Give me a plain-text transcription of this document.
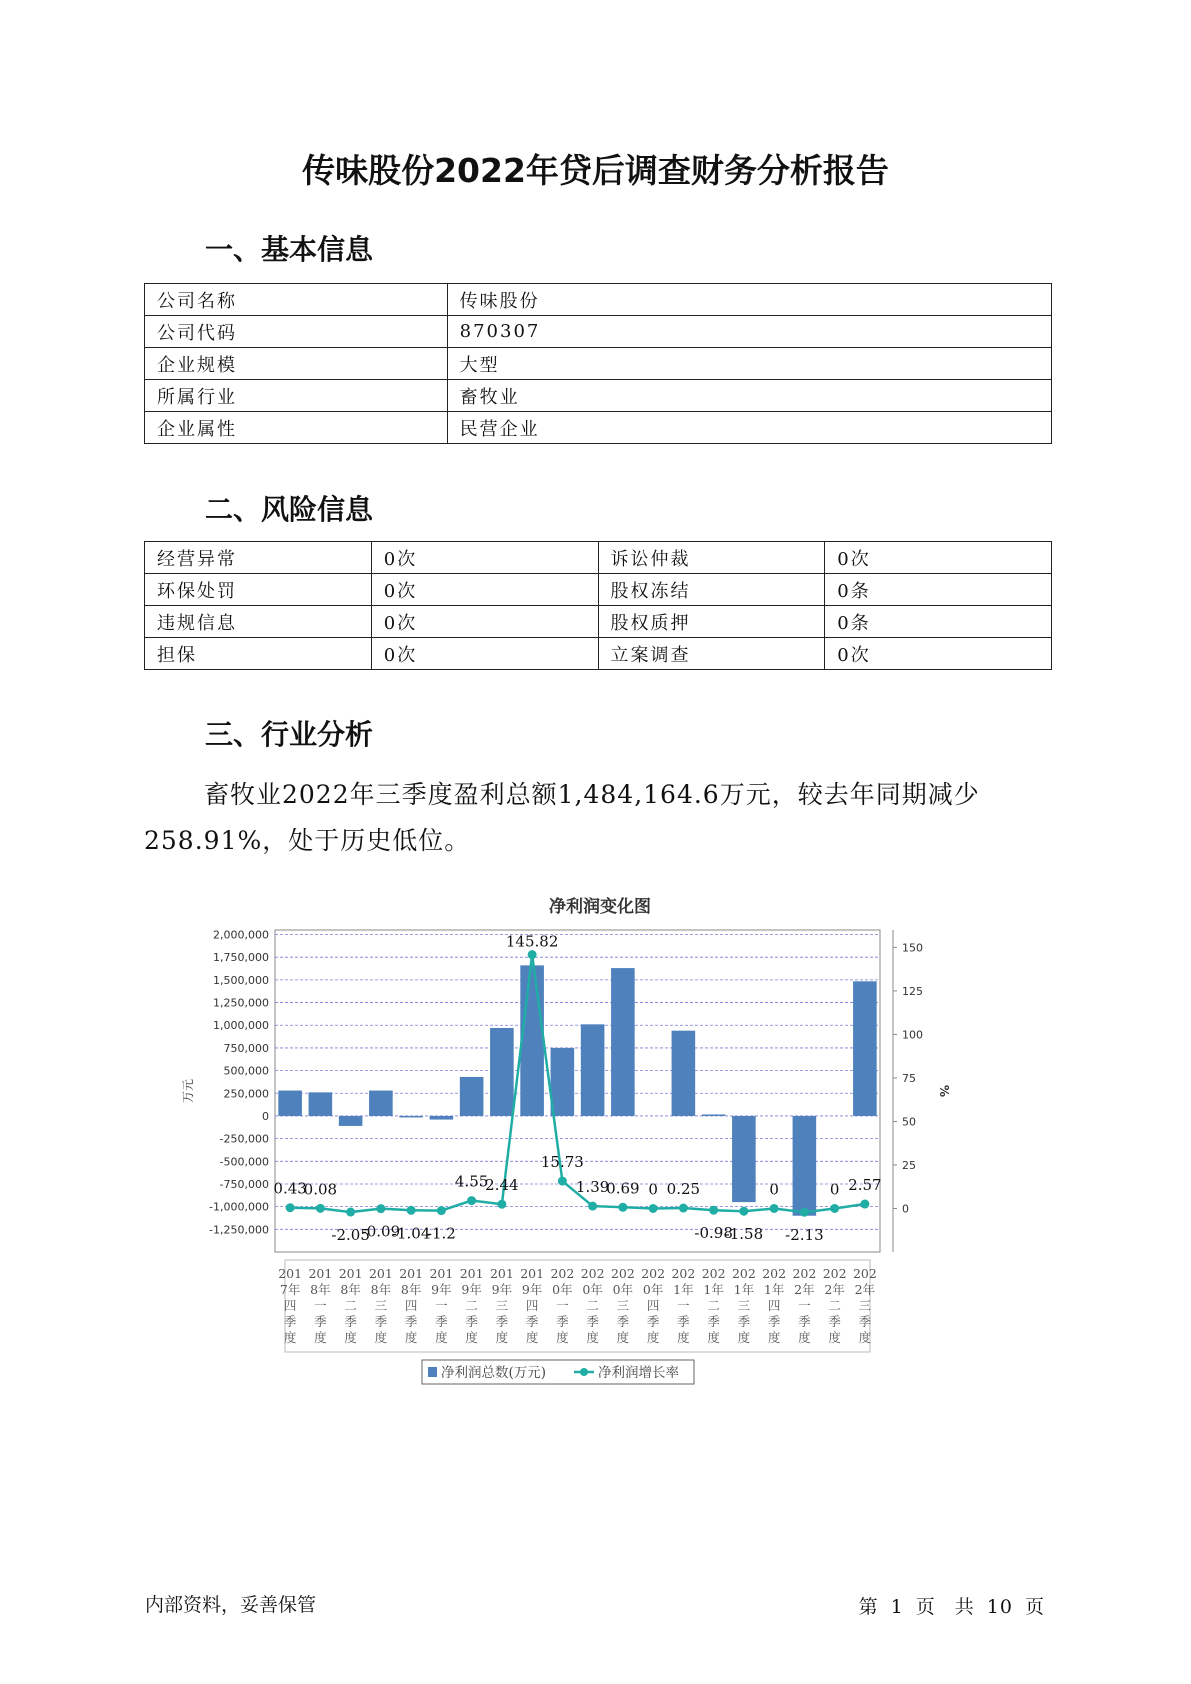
传味股份2022年贷后调查财务分析报告
一、基本信息
公司名称	传味股份
公司代码	870307
企业规模	大型
所属行业	畜牧业
企业属性	民营企业
二、风险信息
经营异常	0次	诉讼仲裁	0次
环保处罚	0次	股权冻结	0条
违规信息	0次	股权质押	0条
担保	0次	立案调查	0次
三、行业分析
畜牧业2022年三季度盈利总额1,484,164.6万元，较去年同期减少258.91%，处于历史低位。
净利润变化图
2,000,000
1,750,000
1,500,000
1,250,000
1,000,000
750,000
500,000
250,000
0
-250,000
-500,000
-750,000
-1,000,000
-1,250,000
150
125
100
75
50
25
0
万元	%
0.43
0.08
-2.05
-0.09
-1.04
-1.2
4.55
2.44
145.82
15.73
1.39
0.69 0 0.25
-0.98
-1.58
0
-2.13
0 2.57
201
7年
四
季
度
201
8年
一
季
度
201
8年
二
季
度
201
8年
三
季
度
201
8年
四
季
度
201
9年
一
季
度
201
9年
二
季
度
201
9年
三
季
度
201
9年
四
季
度
202
0年
一
季
度
202
0年
二
季
度
202
0年
三
季
度
202
0年
四
季
度
202
1年
一
季
度
202
1年
二
季
度
202
1年
三
季
度
202
1年
四
季
度
202
2年
一
季
度
202
2年
二
季
度
202
2年
三
季
度
净利润总数(万元)	净利润增长率
内部资料，妥善保管	第 1 页 共 10 页
